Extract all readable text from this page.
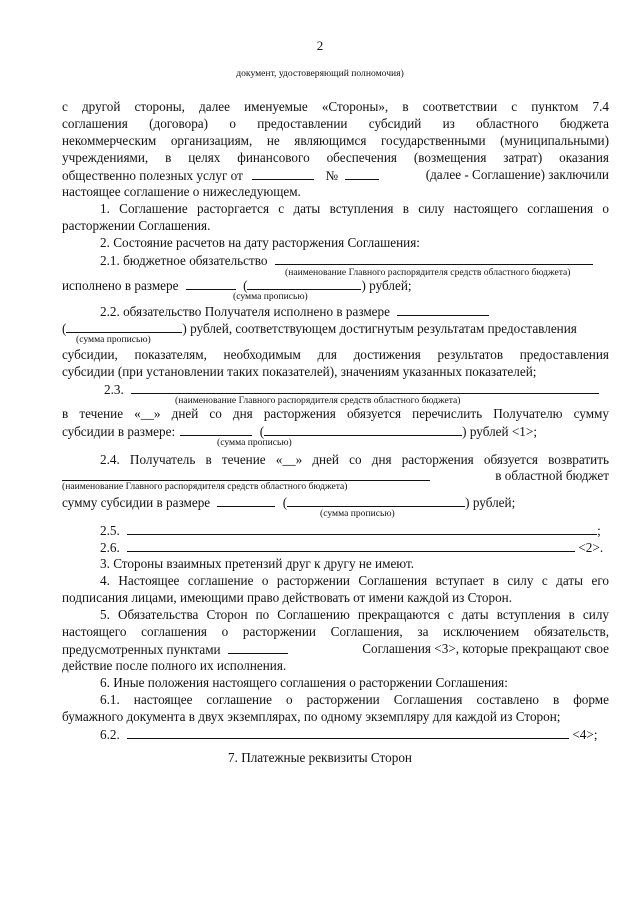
2
документ, удостоверяющий полномочия)
с другой стороны, далее именуемые «Стороны», в соответствии с пунктом 7.4
соглашения (договора) о предоставлении субсидий из областного бюджета
некоммерческим организациям, не являющимся государственными (муниципальными)
учреждениями, в целях финансового обеспечения (возмещения затрат) оказания
общественно полезных услуг от	№	(далее - Соглашение) заключили
настоящее соглашение о нижеследующем.
1. Соглашение расторгается с даты вступления в силу настоящего соглашения о
расторжении Соглашения.
2. Состояние расчетов на дату расторжения Соглашения:
2.1. бюджетное обязательство
(наименование Главного распорядителя средств областного бюджета)
исполнено в размере	(	) рублей;
(сумма прописью)
2.2. обязательство Получателя исполнено в размере
(	) рублей, соответствующем достигнутым результатам предоставления
(сумма прописью)
субсидии, показателям, необходимым для достижения результатов предоставления
субсидии (при установлении таких показателей), значениям указанных показателей;
2.3.
(наименование Главного распорядителя средств областного бюджета)
в течение «__» дней со дня расторжения обязуется перечислить Получателю сумму
субсидии в размере:	(	) рублей <1>;
(сумма прописью)
2.4. Получатель в течение «__» дней со дня расторжения обязуется возвратить
в областной бюджет
(наименование Главного распорядителя средств областного бюджета)
сумму субсидии в размере	(	) рублей;
(сумма прописью)
2.5.	;
2.6.	<2>.
3. Стороны взаимных претензий друг к другу не имеют.
4. Настоящее соглашение о расторжении Соглашения вступает в силу с даты его
подписания лицами, имеющими право действовать от имени каждой из Сторон.
5. Обязательства Сторон по Соглашению прекращаются с даты вступления в силу
настоящего соглашения о расторжении Соглашения, за исключением обязательств,
предусмотренных пунктами	Соглашения <3>, которые прекращают свое
действие после полного их исполнения.
6. Иные положения настоящего соглашения о расторжении Соглашения:
6.1. настоящее соглашение о расторжении Соглашения составлено в форме
бумажного документа в двух экземплярах, по одному экземпляру для каждой из Сторон;
6.2.	<4>;
7. Платежные реквизиты Сторон
